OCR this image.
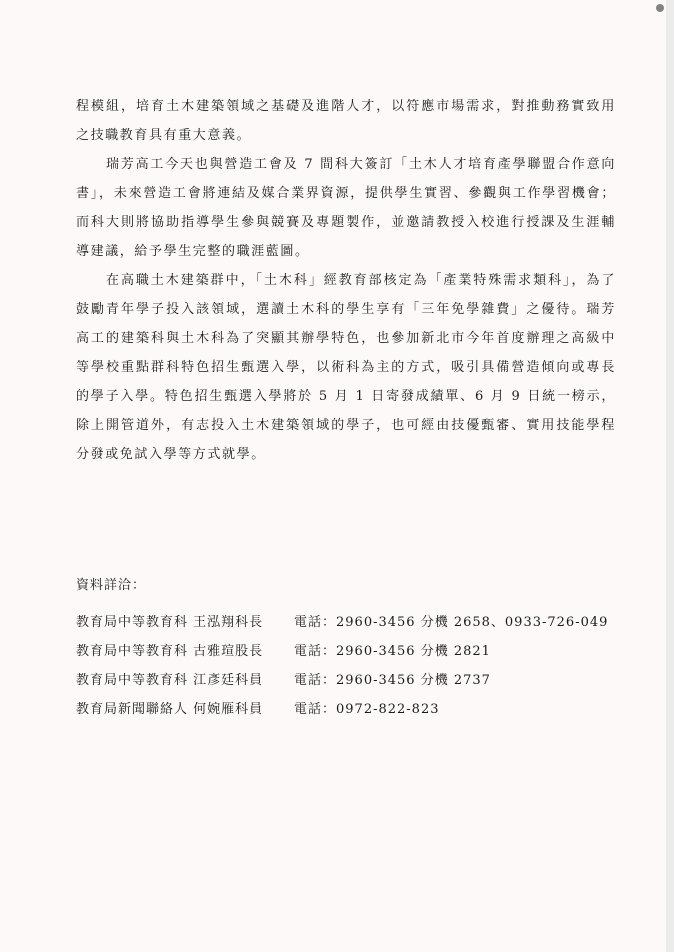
程模組，培育土木建築領域之基礎及進階人才，以符應市場需求，對推動務實致用之技職教育具有重大意義。

瑞芳高工今天也與營造工會及 7 間科大簽訂「土木人才培育產學聯盟合作意向書」，未來營造工會將連結及媒合業界資源，提供學生實習、參觀與工作學習機會；而科大則將協助指導學生參與競賽及專題製作，並邀請教授入校進行授課及生涯輔導建議，給予學生完整的職涯藍圖。

在高職土木建築群中，「土木科」經教育部核定為「產業特殊需求類科」，為了鼓勵青年學子投入該領域，選讀土木科的學生享有「三年免學雜費」之優待。瑞芳高工的建築科與土木科為了突顯其辦學特色，也參加新北市今年首度辦理之高級中等學校重點群科特色招生甄選入學，以術科為主的方式，吸引具備營造傾向或專長的學子入學。特色招生甄選入學將於 5 月 1 日寄發成績單、6 月 9 日統一榜示，除上開管道外，有志投入土木建築領域的學子，也可經由技優甄審、實用技能學程分發或免試入學等方式就學。

資料詳洽：
教育局中等教育科 王泓翔科長	電話：2960-3456 分機 2658、0933-726-049
教育局中等教育科 古雅瑄股長	電話：2960-3456 分機 2821
教育局中等教育科 江彥廷科員	電話：2960-3456 分機 2737
教育局新聞聯絡人 何婉雁科員	電話：0972-822-823
